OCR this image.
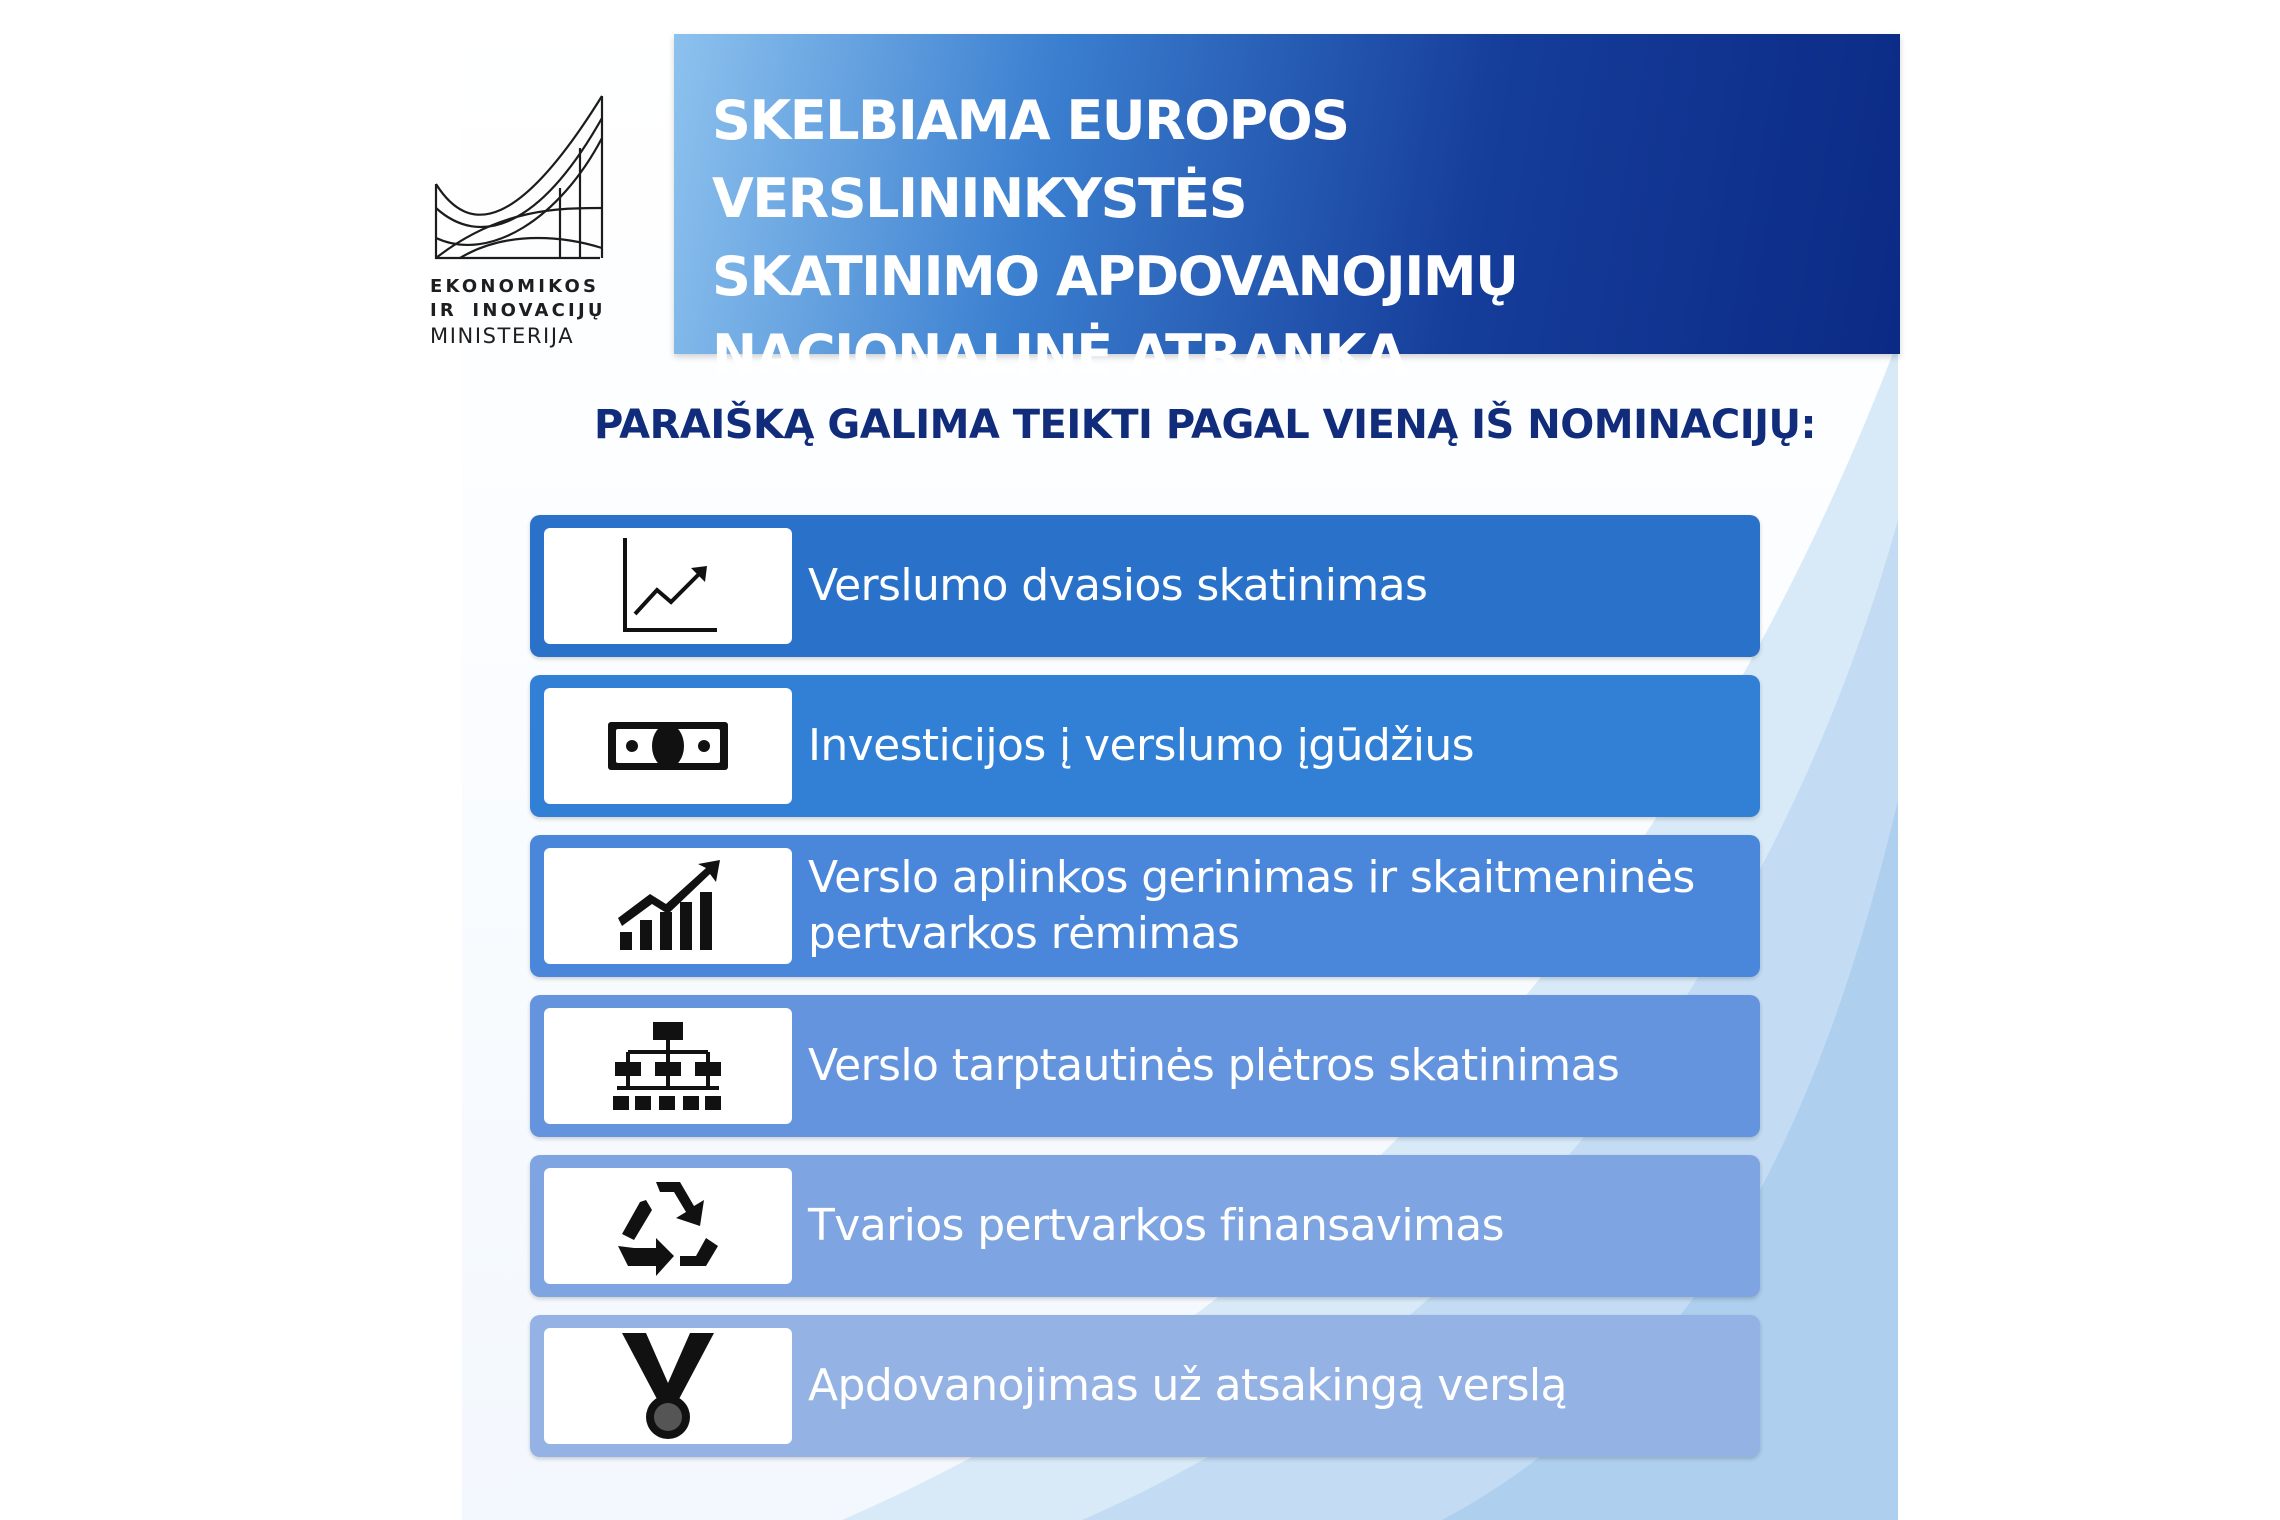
EKONOMIKOS
IR INOVACIJŲ
MINISTERIJA
SKELBIAMA EUROPOS VERSLININKYSTĖS
SKATINIMO APDOVANOJIMŲ
NACIONALINĖ ATRANKA
PARAIŠKĄ GALIMA TEIKTI PAGAL VIENĄ IŠ NOMINACIJŲ:
Verslumo dvasios skatinimas
Investicijos į verslumo įgūdžius
Verslo aplinkos gerinimas ir skaitmeninės pertvarkos rėmimas
Verslo tarptautinės plėtros skatinimas
Tvarios pertvarkos finansavimas
Apdovanojimas už atsakingą verslą
